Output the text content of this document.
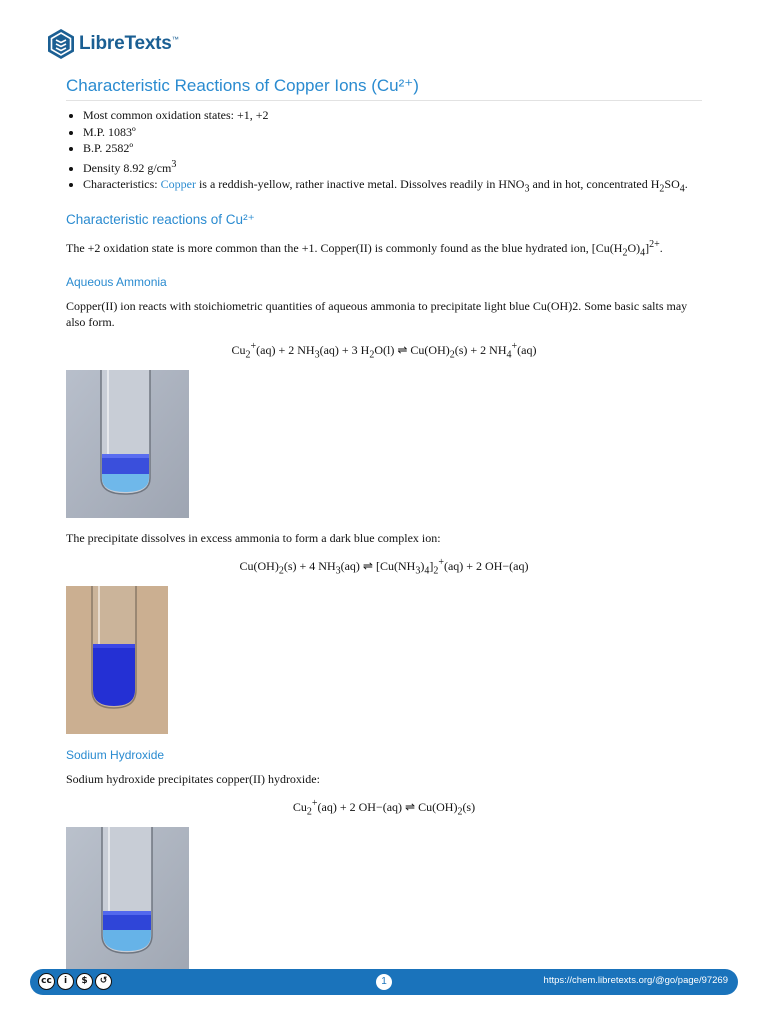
LibreTexts™
Characteristic Reactions of Copper Ions (Cu²⁺)
• Most common oxidation states: +1, +2
• M.P. 1083º
• B.P. 2582º
• Density 8.92 $g/cm^3$
• Characteristics: Copper is a reddish-yellow, rather inactive metal. Dissolves readily in $HNO_3$ and in hot, concentrated $H_2SO_4$.
Characteristic reactions of Cu²⁺

The +2 oxidation state is more common than the +1. Copper(II) is commonly found as the blue hydrated ion, $[Cu(H_2O)_4]^{2+}$.

Aqueous Ammonia

Copper(II) ion reacts with stoichiometric quantities of aqueous ammonia to precipitate light blue Cu(OH)2. Some basic salts may also form.

$Cu_2^+(aq) + 2$ $NH_3(aq) + 3$ $H_2O(l)$ ⇌ $Cu(OH)_2(s) + 2$ $NH_4^+(aq)$

The precipitate dissolves in excess ammonia to form a dark blue complex ion:

$Cu(OH)_2(s) + 4$ $NH_3(aq)$ ⇌ $[Cu(NH_3)_4]_2^+(aq) + 2$ OH−(aq)
Sodium Hydroxide

Sodium hydroxide precipitates copper(II) hydroxide:

$Cu_2^+(aq) + 2$ OH−(aq) ⇌ $Cu(OH)_2(s)$
cc	i	$	↺	1	https://chem.libretexts.org/@go/page/97269
